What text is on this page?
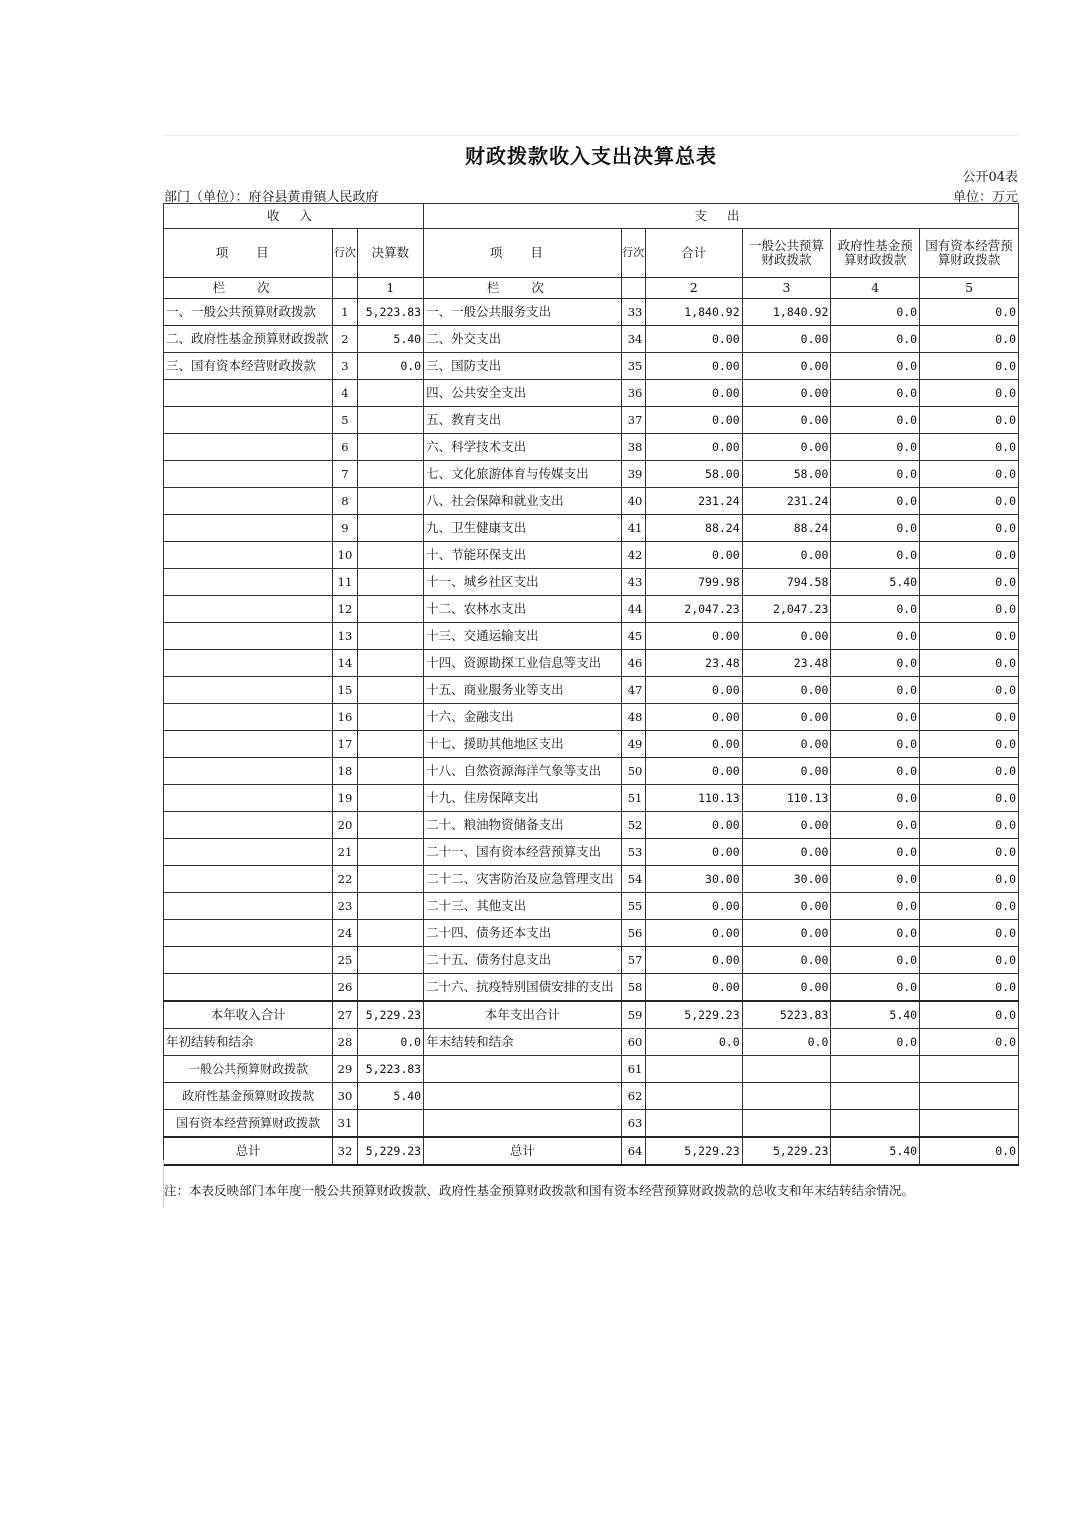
财政拨款收入支出决算总表
公开04表
部门（单位）：府谷县黄甫镇人民政府	单位：万元
收 入			支 出					
项 目	行次	决算数	项 目	行次	合计	一般公共预算财政拨款	政府性基金预算财政拨款	国有资本经营预算财政拨款
栏 次		1	栏 次		2	3	4	5
一、一般公共预算财政拨款	1	5,223.83	一、一般公共服务支出	33	1,840.92	1,840.92	0.0	0.0
二、政府性基金预算财政拨款	2	5.40	二、外交支出	34	0.00	0.00	0.0	0.0
三、国有资本经营财政拨款	3	0.0	三、国防支出	35	0.00	0.00	0.0	0.0
	4		四、公共安全支出	36	0.00	0.00	0.0	0.0
	5		五、教育支出	37	0.00	0.00	0.0	0.0
	6		六、科学技术支出	38	0.00	0.00	0.0	0.0
	7		七、文化旅游体育与传媒支出	39	58.00	58.00	0.0	0.0
	8		八、社会保障和就业支出	40	231.24	231.24	0.0	0.0
	9		九、卫生健康支出	41	88.24	88.24	0.0	0.0
	10		十、节能环保支出	42	0.00	0.00	0.0	0.0
	11		十一、城乡社区支出	43	799.98	794.58	5.40	0.0
	12		十二、农林水支出	44	2,047.23	2,047.23	0.0	0.0
	13		十三、交通运输支出	45	0.00	0.00	0.0	0.0
	14		十四、资源勘探工业信息等支出	46	23.48	23.48	0.0	0.0
	15		十五、商业服务业等支出	47	0.00	0.00	0.0	0.0
	16		十六、金融支出	48	0.00	0.00	0.0	0.0
	17		十七、援助其他地区支出	49	0.00	0.00	0.0	0.0
	18		十八、自然资源海洋气象等支出	50	0.00	0.00	0.0	0.0
	19		十九、住房保障支出	51	110.13	110.13	0.0	0.0
	20		二十、粮油物资储备支出	52	0.00	0.00	0.0	0.0
	21		二十一、国有资本经营预算支出	53	0.00	0.00	0.0	0.0
	22		二十二、灾害防治及应急管理支出	54	30.00	30.00	0.0	0.0
	23		二十三、其他支出	55	0.00	0.00	0.0	0.0
	24		二十四、债务还本支出	56	0.00	0.00	0.0	0.0
	25		二十五、债务付息支出	57	0.00	0.00	0.0	0.0
	26		二十六、抗疫特别国债安排的支出	58	0.00	0.00	0.0	0.0
本年收入合计	27	5,229.23	本年支出合计	59	5,229.23	5223.83	5.40	0.0
年初结转和结余	28	0.0	年末结转和结余	60	0.0	0.0	0.0	0.0
一般公共预算财政拨款	29	5,223.83		61				
政府性基金预算财政拨款	30	5.40		62				
国有资本经营预算财政拨款	31			63				
总计	32	5,229.23	总计	64	5,229.23	5,229.23	5.40	0.0
注：本表反映部门本年度一般公共预算财政拨款、政府性基金预算财政拨款和国有资本经营预算财政拨款的总收支和年末结转结余情况。
